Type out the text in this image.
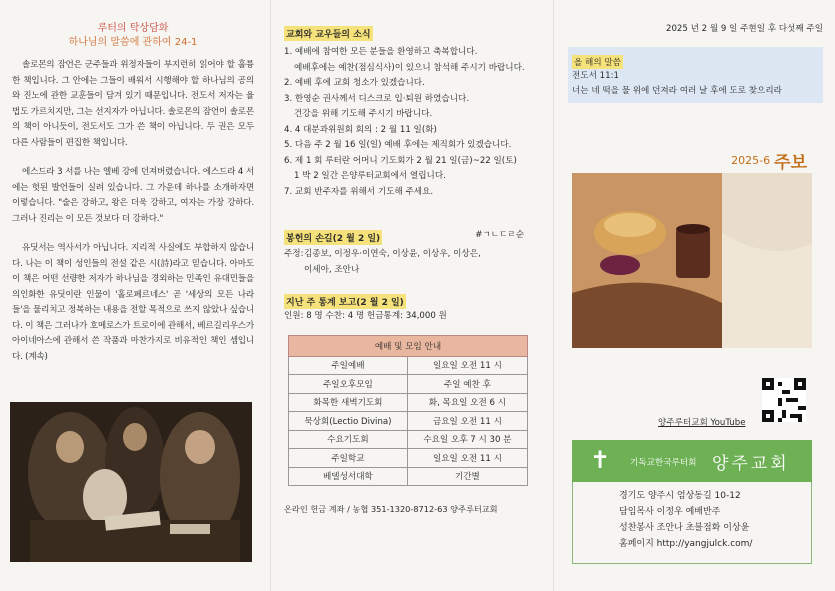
루터의 탁상담화

하나님의 말씀에 관하여 24-1

솔로몬의 잠언은 군주들과 위정자들이 부지런히 읽어야 할 훌륭한 책입니다. 그 안에는 그들이 배워서 시행해야 할 하나님의 공의와 진노에 관한 교훈들이 담겨 있기 때문입니다. 전도서 저자는 율법도 가르치지만, 그는 선지자가 아닙니다. 솔로몬의 잠언이 솔로몬의 책이 아니듯이, 전도서도 그가 쓴 책이 아닙니다. 두 권은 모두 다른 사람들이 편집한 책입니다.

에스드라 3 서를 나는 엘베 강에 던져버렸습니다. 에스드라 4 서에는 헛된 발언들이 실려 있습니다. 그 가운데 하나를 소개하자면 이렇습니다. "술은 강하고, 왕은 더욱 강하고, 여자는 가장 강하다. 그러나 진리는 이 모든 것보다 더 강하다."

유딧서는 역사서가 아닙니다. 지리적 사실에도 부합하지 않습니다. 나는 이 책이 성인들의 전설 같은 시(詩)라고 믿습니다. 아마도 이 책은 어떤 선량한 저자가 하나님을 경외하는 민족인 유대민들을 의인화한 유딧이란 인물이 '홀로페르네스' 곧 '세상의 모든 나라들'을 물리치고 정복하는 내용을 전할 목적으로 쓰지 않았나 싶습니다. 이 책은 그러나가 호메로스가 트로이에 관해서, 베르길리우스가 아이네아스에 관해서 쓴 작품과 마찬가지로 비유적인 책인 셈입니다. (계속)

교회와 교우들의 소식

1. 예배에 참여한 모든 분들을 환영하고 축복합니다.
예배후에는 예찬(점심식사)이 있으니 참석해 주시기 바랍니다.
2. 예배 후에 교회 청소가 있겠습니다.
3. 한영순 권사께서 디스크로 입·퇴원 하였습니다.
건강을 위해 기도해 주시기 바랍니다.
4. 4 대분과위원회 회의 : 2 월 11 일(화)
5. 다음 주 2 월 16 일(일) 예배 후에는 제직회가 있겠습니다.
6. 제 1 회 루터란 어머니 기도회가 2 월 21 일(금)~22 일(토)
1 박 2 일간 은양루터교회에서 열립니다.
7. 교회 반주자를 위해서 기도해 주세요.
봉헌의 손길(2 월 2 일)	#ㄱㄴㄷㄹ순
주정: 김종보, 이정우·이연숙, 이상윤, 이상우, 이상은, 이세아, 조안나
지난 주 통계 보고(2 월 2 일)

인원: 8 명 수찬: 4 명 헌금통계: 34,000 원

예배 및 모임 안내	
주일예배	일요일 오전 11 시
주일오후모임	주일 예찬 후
화목한 새벽기도회	화, 목요일 오전 6 시
묵상회(Lectio Divina)	금요일 오전 11 시
수요기도회	수요일 오후 7 시 30 분
주일학교	일요일 오전 11 시
베델성서대학	기간별

온라인 헌금 계좌 / 농협 351-1320-8712-63 양주루터교회

2025 년 2 월 9 일 주현일 후 다섯째 주일

올 해의 말씀

전도서 11:1

너는 네 떡을 물 위에 던져라 여러 날 후에 도로 찾으리라

2025-6 주보
양주루터교회 YouTube
✝ 기독교한국루터회 양주교회

경기도 양주시 엄상동길 10-12

담임목사 이정우 예배반주

성찬봉사 조안나 초블점화 이상윤

홈페이지 http://yangjulck.com/
